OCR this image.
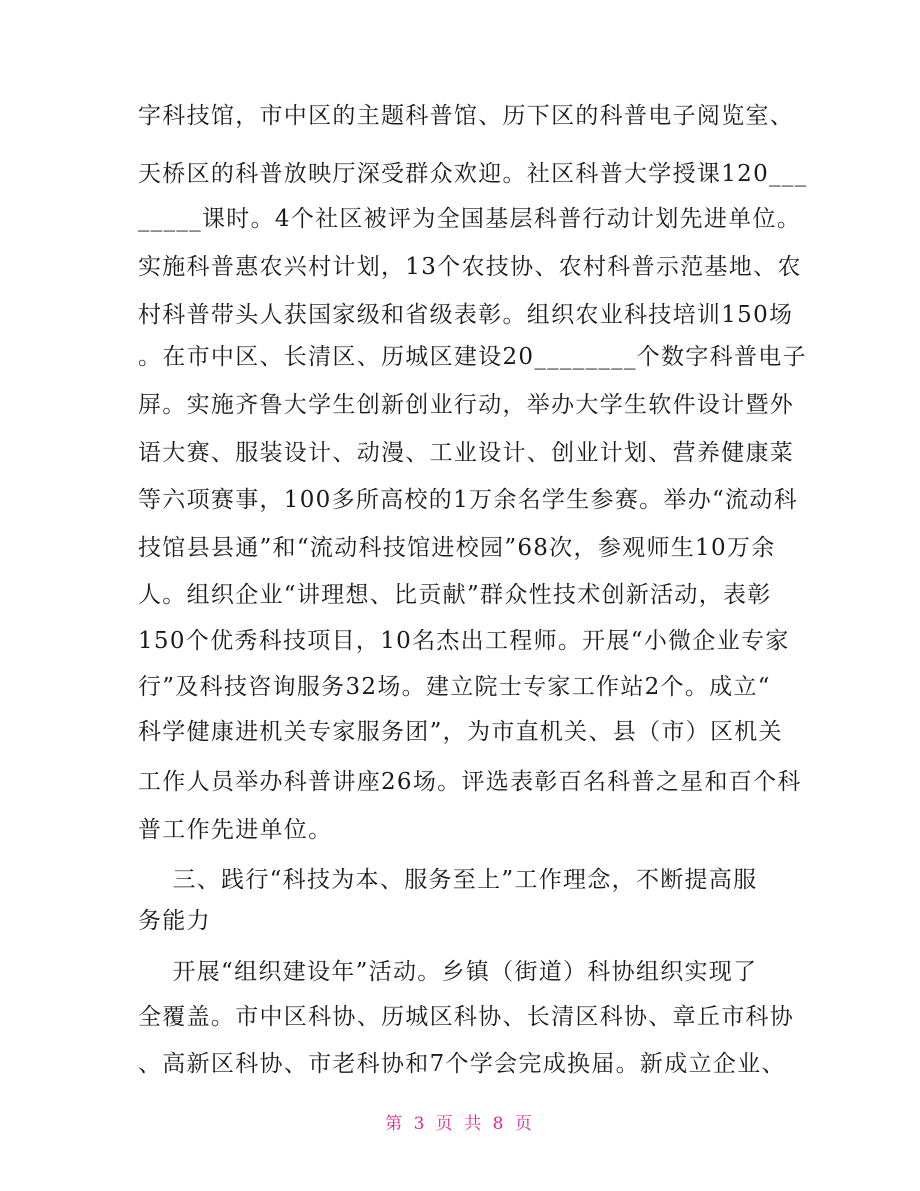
字科技馆，市中区的主题科普馆、历下区的科普电子阅览室、
天桥区的科普放映厅深受群众欢迎。社区科普大学授课120___
_____课时。4个社区被评为全国基层科普行动计划先进单位。
实施科普惠农兴村计划，13个农技协、农村科普示范基地、农
村科普带头人获国家级和省级表彰。组织农业科技培训150场
。在市中区、长清区、历城区建设20________个数字科普电子
屏。实施齐鲁大学生创新创业行动，举办大学生软件设计暨外
语大赛、服装设计、动漫、工业设计、创业计划、营养健康菜
等六项赛事，100多所高校的1万余名学生参赛。举办“流动科
技馆县县通”和“流动科技馆进校园”68次，参观师生10万余
人。组织企业“讲理想、比贡献”群众性技术创新活动，表彰
150个优秀科技项目，10名杰出工程师。开展“小微企业专家
行”及科技咨询服务32场。建立院士专家工作站2个。成立“
科学健康进机关专家服务团”，为市直机关、县（市）区机关
工作人员举办科普讲座26场。评选表彰百名科普之星和百个科
普工作先进单位。
三、践行“科技为本、服务至上”工作理念，不断提高服
务能力
开展“组织建设年”活动。乡镇（街道）科协组织实现了
全覆盖。市中区科协、历城区科协、长清区科协、章丘市科协
、高新区科协、市老科协和7个学会完成换届。新成立企业、
第 3 页 共 8 页
